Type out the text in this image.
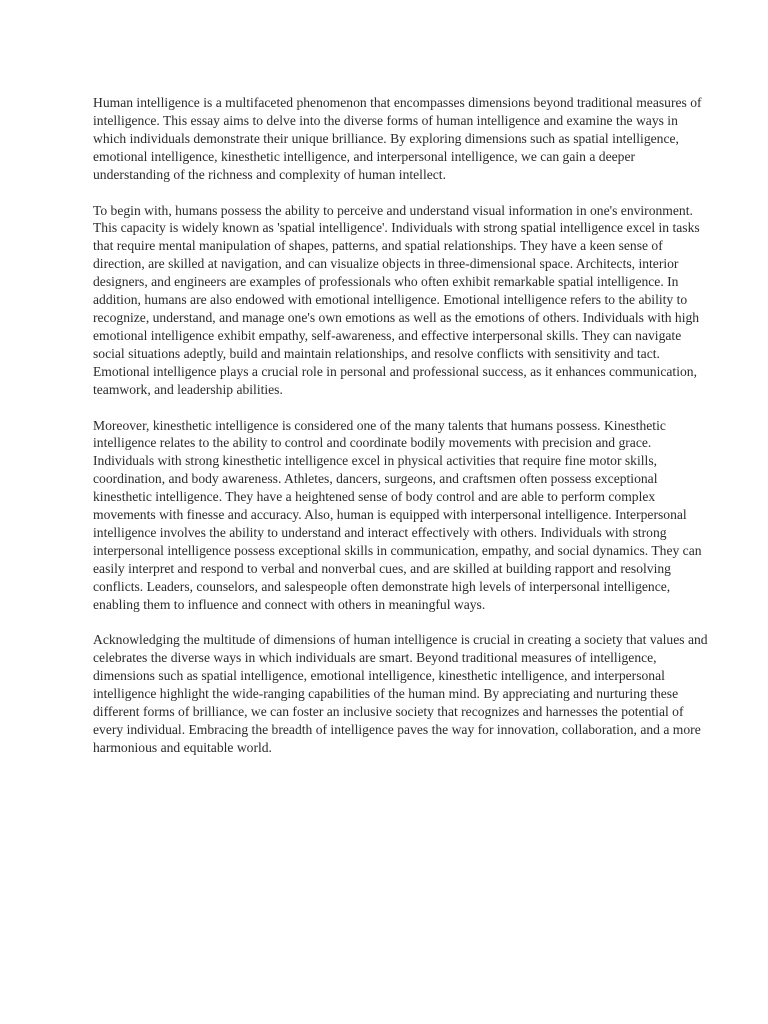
Human intelligence is a multifaceted phenomenon that encompasses dimensions beyond traditional measures of intelligence. This essay aims to delve into the diverse forms of human intelligence and examine the ways in which individuals demonstrate their unique brilliance. By exploring dimensions such as spatial intelligence, emotional intelligence, kinesthetic intelligence, and interpersonal intelligence, we can gain a deeper understanding of the richness and complexity of human intellect.

To begin with, humans possess the ability to perceive and understand visual information in one's environment. This capacity is widely known as 'spatial intelligence'. Individuals with strong spatial intelligence excel in tasks that require mental manipulation of shapes, patterns, and spatial relationships. They have a keen sense of direction, are skilled at navigation, and can visualize objects in three-dimensional space. Architects, interior designers, and engineers are examples of professionals who often exhibit remarkable spatial intelligence. In addition, humans are also endowed with emotional intelligence. Emotional intelligence refers to the ability to recognize, understand, and manage one's own emotions as well as the emotions of others. Individuals with high emotional intelligence exhibit empathy, self-awareness, and effective interpersonal skills. They can navigate social situations adeptly, build and maintain relationships, and resolve conflicts with sensitivity and tact. Emotional intelligence plays a crucial role in personal and professional success, as it enhances communication, teamwork, and leadership abilities.

Moreover, kinesthetic intelligence is considered one of the many talents that humans possess. Kinesthetic intelligence relates to the ability to control and coordinate bodily movements with precision and grace. Individuals with strong kinesthetic intelligence excel in physical activities that require fine motor skills, coordination, and body awareness. Athletes, dancers, surgeons, and craftsmen often possess exceptional kinesthetic intelligence. They have a heightened sense of body control and are able to perform complex movements with finesse and accuracy. Also, human is equipped with interpersonal intelligence. Interpersonal intelligence involves the ability to understand and interact effectively with others. Individuals with strong interpersonal intelligence possess exceptional skills in communication, empathy, and social dynamics. They can easily interpret and respond to verbal and nonverbal cues, and are skilled at building rapport and resolving conflicts. Leaders, counselors, and salespeople often demonstrate high levels of interpersonal intelligence, enabling them to influence and connect with others in meaningful ways.

Acknowledging the multitude of dimensions of human intelligence is crucial in creating a society that values and celebrates the diverse ways in which individuals are smart. Beyond traditional measures of intelligence, dimensions such as spatial intelligence, emotional intelligence, kinesthetic intelligence, and interpersonal intelligence highlight the wide-ranging capabilities of the human mind. By appreciating and nurturing these different forms of brilliance, we can foster an inclusive society that recognizes and harnesses the potential of every individual. Embracing the breadth of intelligence paves the way for innovation, collaboration, and a more harmonious and equitable world.
